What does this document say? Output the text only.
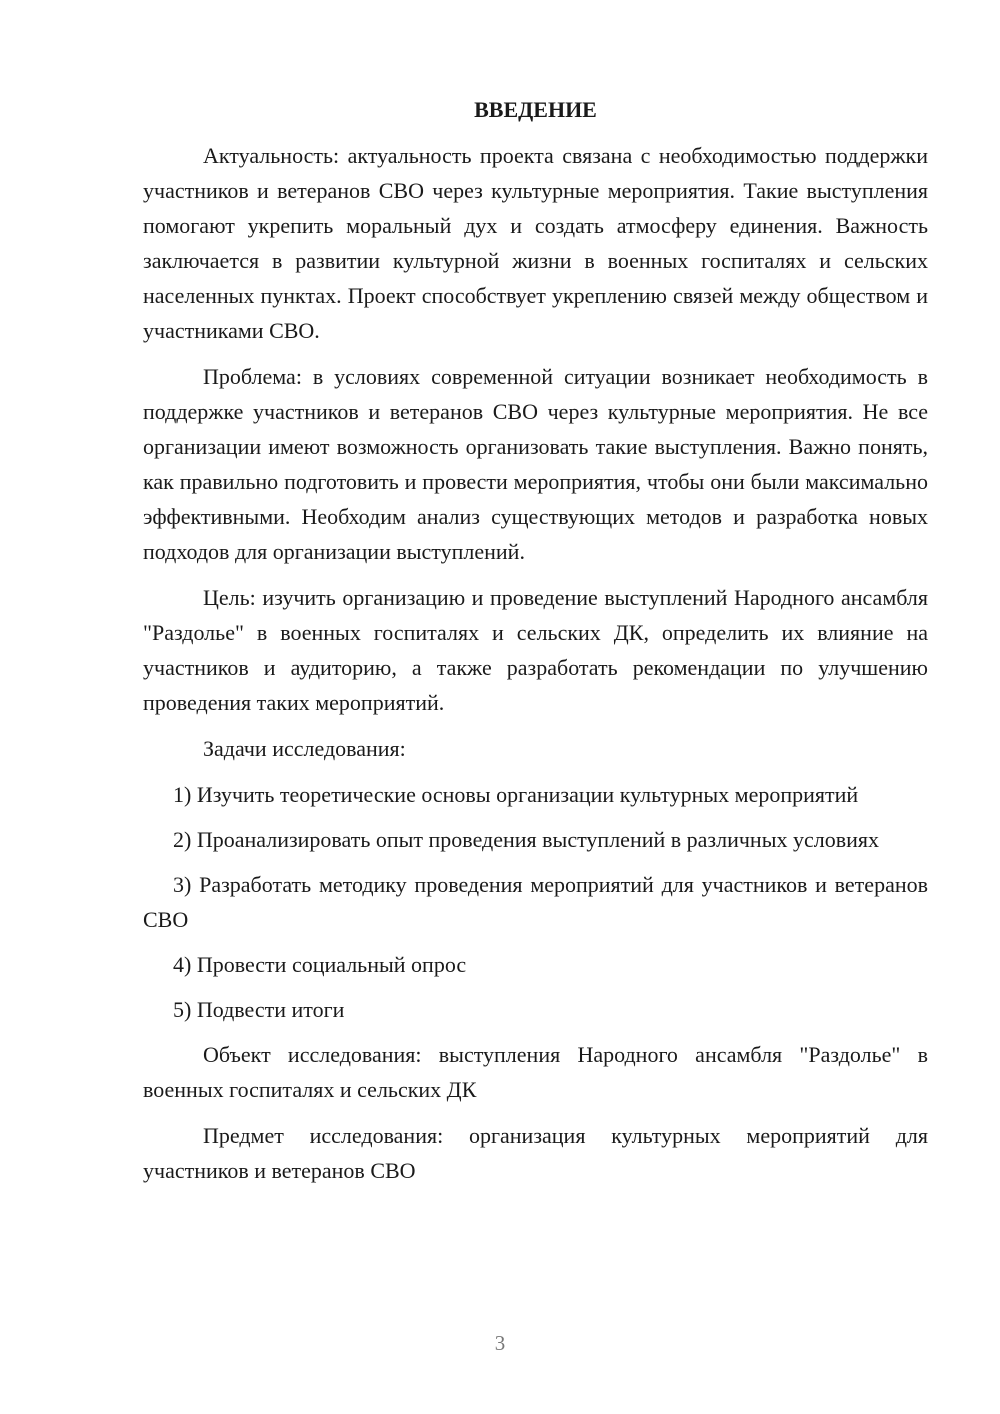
ВВЕДЕНИЕ

Актуальность: актуальность проекта связана с необходимостью поддержки участников и ветеранов СВО через культурные мероприятия. Такие выступления помогают укрепить моральный дух и создать атмосферу единения. Важность заключается в развитии культурной жизни в военных госпиталях и сельских населенных пунктах. Проект способствует укреплению связей между обществом и участниками СВО.

Проблема: в условиях современной ситуации возникает необходимость в поддержке участников и ветеранов СВО через культурные мероприятия. Не все организации имеют возможность организовать такие выступления. Важно понять, как правильно подготовить и провести мероприятия, чтобы они были максимально эффективными. Необходим анализ существующих методов и разработка новых подходов для организации выступлений.

Цель: изучить организацию и проведение выступлений Народного ансамбля "Раздолье" в военных госпиталях и сельских ДК, определить их влияние на участников и аудиторию, а также разработать рекомендации по улучшению проведения таких мероприятий.

Задачи исследования:

1) Изучить теоретические основы организации культурных мероприятий

2) Проанализировать опыт проведения выступлений в различных условиях

3) Разработать методику проведения мероприятий для участников и ветеранов СВО

4) Провести социальный опрос

5) Подвести итоги

Объект исследования: выступления Народного ансамбля "Раздолье" в военных госпиталях и сельских ДК

Предмет исследования: организация культурных мероприятий для участников и ветеранов СВО

3
